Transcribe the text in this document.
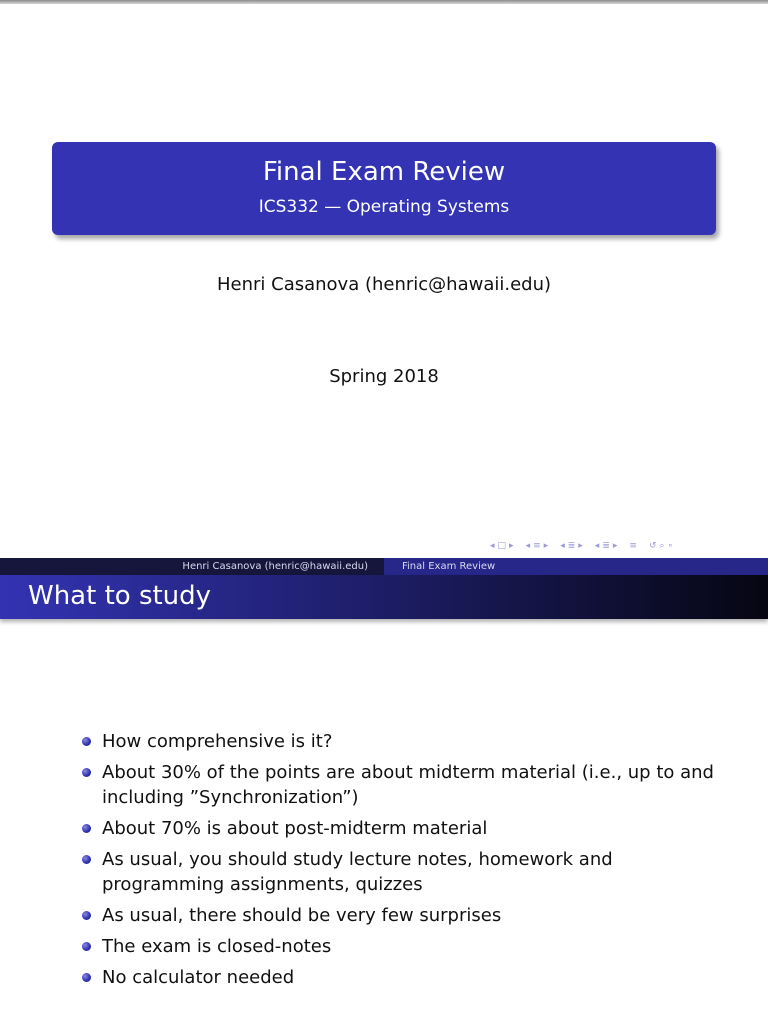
Final Exam Review
ICS332 — Operating Systems
Henri Casanova (henric@hawaii.edu)
Spring 2018
◂ □ ▸ ◂ ≡ ▸ ◂ ≣ ▸ ◂ ≣ ▸ ≡ ↺ ⌕ ∘
Henri Casanova (henric@hawaii.edu)	Final Exam Review
What to study
How comprehensive is it?
About 30% of the points are about midterm material (i.e., up to and including ”Synchronization”)
About 70% is about post-midterm material
As usual, you should study lecture notes, homework and programming assignments, quizzes
As usual, there should be very few surprises
The exam is closed-notes
No calculator needed
